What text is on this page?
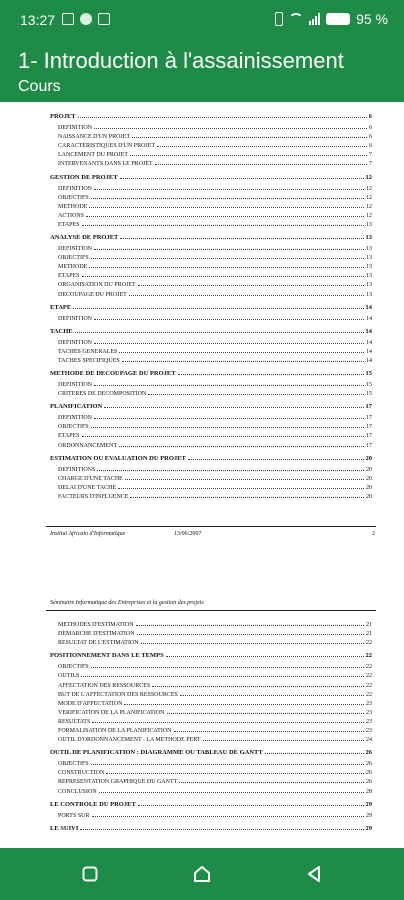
13:27	95 %
1- Introduction à l'assainissement
Cours
PROJET	6
DEFINITION	6
NAISSANCE D'UN PROJET	6
CARACTERISTIQUES D'UN PROJET	6
LANCEMENT DU PROJET	7
INTERVENANTS DANS LE PROJET	7
GESTION DE PROJET	12
DEFINITION	12
OBJECTIFS	12
METHODE	12
ACTIONS	12
ETAPES	13
ANALYSE DE PROJET	13
DEFINITION	13
OBJECTIFS	13
METHODE	13
ETAPES	13
ORGANISATION DU PROJET	13
DECOUPAGE DU PROJET	13
ETAPE	14
DEFINITION	14
TACHE	14
DEFINITION	14
TACHES GENERALES	14
TACHES SPECIFIQUES	14
METHODE DE DECOUPAGE DU PROJET	15
DEFINITION	15
CRITERES DE DECOMPOSITION	15
PLANIFICATION	17
DEFINITION	17
OBJECTIFS	17
ETAPES	17
ORDONNANCEMENT	17
ESTIMATION OU EVALUATION DU PROJET	20
DEFINITIONS	20
CHARGE D'UNE TACHE	20
DELAI D'UNE TACHE	20
FACTEURS D'INFLUENCE	20
Institut Africain d'Informatique	13/06/2007	2
Séminaire Informatique des Entreprises et la gestion des projets
METHODES D'ESTIMATION	21
DEMARCHE D'ESTIMATION	21
RESULTAT DE L'ESTIMATION	22
POSITIONNEMENT DANS LE TEMPS	22
OBJECTIFS	22
OUTILS	22
AFFECTATION DES RESSOURCES	22
BUT DE L'AFFECTATION DES RESSOURCES	22
MODE D'AFFECTATION	23
VERIFICATION DE LA PLANIFICATION	23
RESULTATS	23
FORMALISATION DE LA PLANIFICATION	23
OUTIL D'ORDONNANCEMENT : LA METHODE PERT	24
OUTIL DE PLANIFICATION : DIAGRAMME OU TABLEAU DE GANTT	26
OBJECTIFS	26
CONSTRUCTION	26
REPRESENTATION GRAPHIQUE DU GANTT	26
CONCLUSION	28
LE CONTROLE DU PROJET	29
PORTS SUR	29
LE SUIVI	29
